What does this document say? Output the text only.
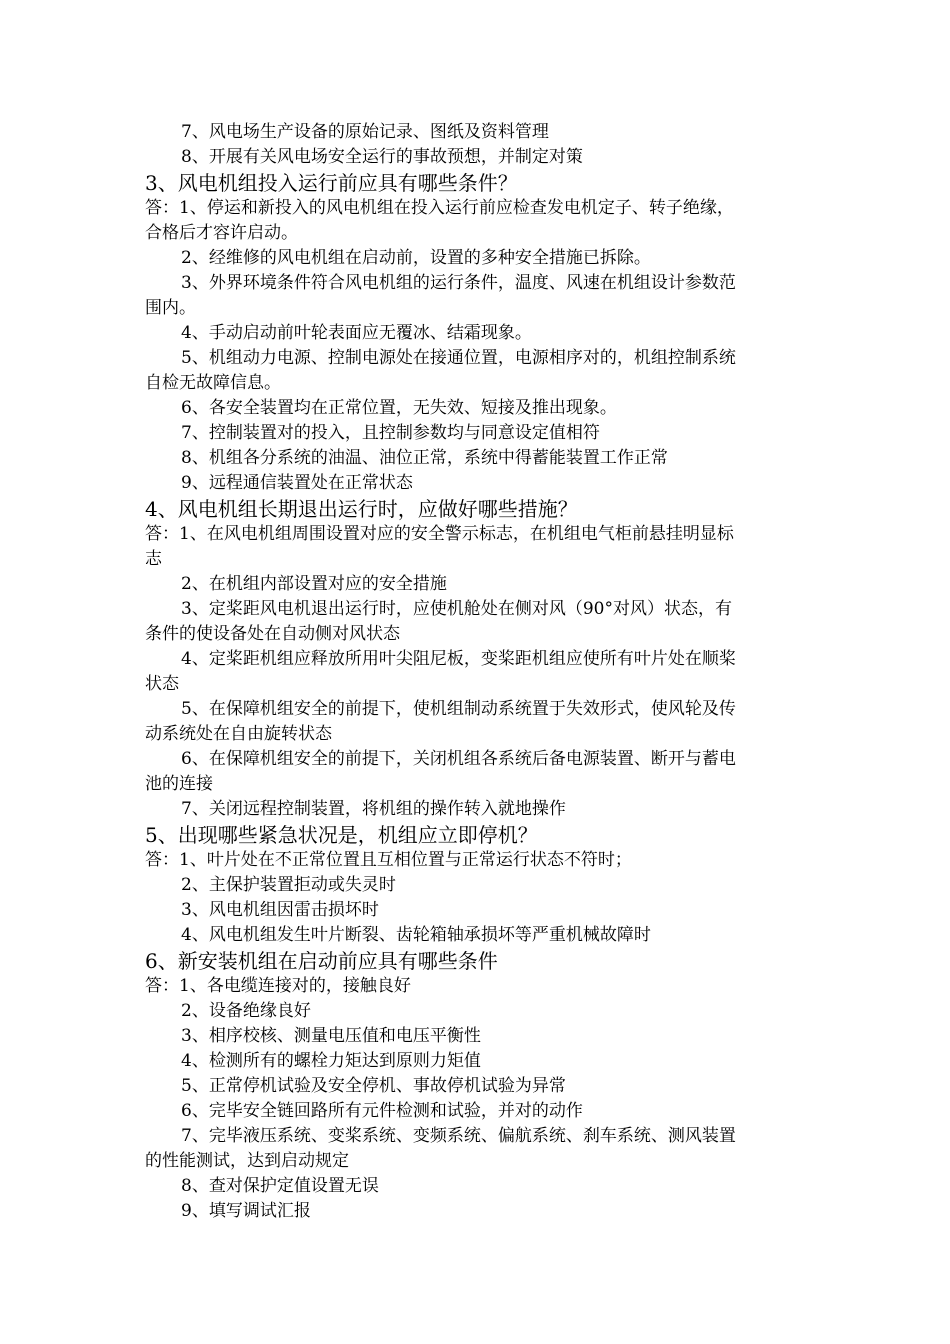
7、风电场生产设备的原始记录、图纸及资料管理
8、开展有关风电场安全运行的事故预想，并制定对策
3、风电机组投入运行前应具有哪些条件？
答：1、停运和新投入的风电机组在投入运行前应检查发电机定子、转子绝缘，
合格后才容许启动。
2、经维修的风电机组在启动前，设置的多种安全措施已拆除。
3、外界环境条件符合风电机组的运行条件，温度、风速在机组设计参数范
围内。
4、手动启动前叶轮表面应无覆冰、结霜现象。
5、机组动力电源、控制电源处在接通位置，电源相序对的，机组控制系统
自检无故障信息。
6、各安全装置均在正常位置，无失效、短接及推出现象。
7、控制装置对的投入，且控制参数均与同意设定值相符
8、机组各分系统的油温、油位正常，系统中得蓄能装置工作正常
9、远程通信装置处在正常状态
4、风电机组长期退出运行时，应做好哪些措施？
答：1、在风电机组周围设置对应的安全警示标志，在机组电气柜前悬挂明显标
志
2、在机组内部设置对应的安全措施
3、定桨距风电机退出运行时，应使机舱处在侧对风（90°对风）状态，有
条件的使设备处在自动侧对风状态
4、定桨距机组应释放所用叶尖阻尼板，变桨距机组应使所有叶片处在顺桨
状态
5、在保障机组安全的前提下，使机组制动系统置于失效形式，使风轮及传
动系统处在自由旋转状态
6、在保障机组安全的前提下，关闭机组各系统后备电源装置、断开与蓄电
池的连接
7、关闭远程控制装置，将机组的操作转入就地操作
5、出现哪些紧急状况是，机组应立即停机？
答：1、叶片处在不正常位置且互相位置与正常运行状态不符时；
2、主保护装置拒动或失灵时
3、风电机组因雷击损坏时
4、风电机组发生叶片断裂、齿轮箱轴承损坏等严重机械故障时
6、新安装机组在启动前应具有哪些条件
答：1、各电缆连接对的，接触良好
2、设备绝缘良好
3、相序校核、测量电压值和电压平衡性
4、检测所有的螺栓力矩达到原则力矩值
5、正常停机试验及安全停机、事故停机试验为异常
6、完毕安全链回路所有元件检测和试验，并对的动作
7、完毕液压系统、变桨系统、变频系统、偏航系统、刹车系统、测风装置
的性能测试，达到启动规定
8、查对保护定值设置无误
9、填写调试汇报
